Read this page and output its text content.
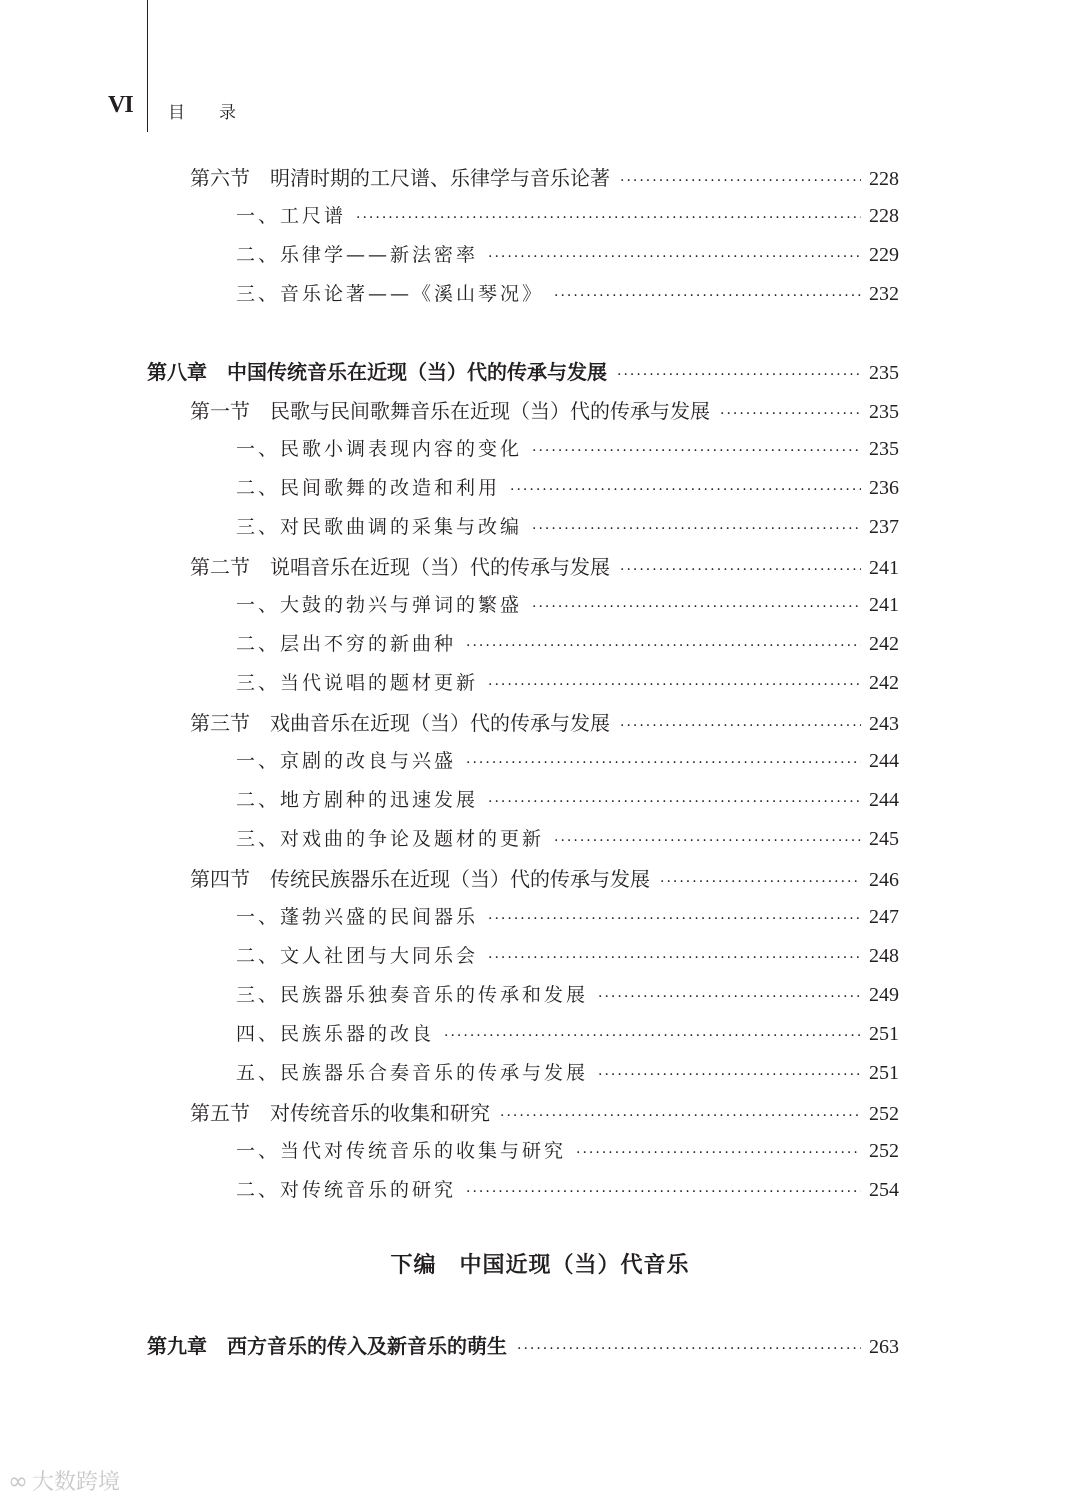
VI 目录
第六节　明清时期的工尺谱、乐律学与音乐论著 ·····	228
一、工尺谱 ·····	228
二、乐律学——新法密率 ·····	229
三、音乐论著——《溪山琴况》 ·····	232
第八章　中国传统音乐在近现（当）代的传承与发展 ·····	235
第一节　民歌与民间歌舞音乐在近现（当）代的传承与发展 ·····	235
一、民歌小调表现内容的变化 ·····	235
二、民间歌舞的改造和利用 ·····	236
三、对民歌曲调的采集与改编 ·····	237
第二节　说唱音乐在近现（当）代的传承与发展 ·····	241
一、大鼓的勃兴与弹词的繁盛 ·····	241
二、层出不穷的新曲种 ·····	242
三、当代说唱的题材更新 ·····	242
第三节　戏曲音乐在近现（当）代的传承与发展 ·····	243
一、京剧的改良与兴盛 ·····	244
二、地方剧种的迅速发展 ·····	244
三、对戏曲的争论及题材的更新 ·····	245
第四节　传统民族器乐在近现（当）代的传承与发展 ·····	246
一、蓬勃兴盛的民间器乐 ·····	247
二、文人社团与大同乐会 ·····	248
三、民族器乐独奏音乐的传承和发展 ·····	249
四、民族乐器的改良 ·····	251
五、民族器乐合奏音乐的传承与发展 ·····	251
第五节　对传统音乐的收集和研究 ·····	252
一、当代对传统音乐的收集与研究 ·····	252
二、对传统音乐的研究 ·····	254
第九章　西方音乐的传入及新音乐的萌生 ·····	263
下编　中国近现（当）代音乐
∞ 大数跨境
